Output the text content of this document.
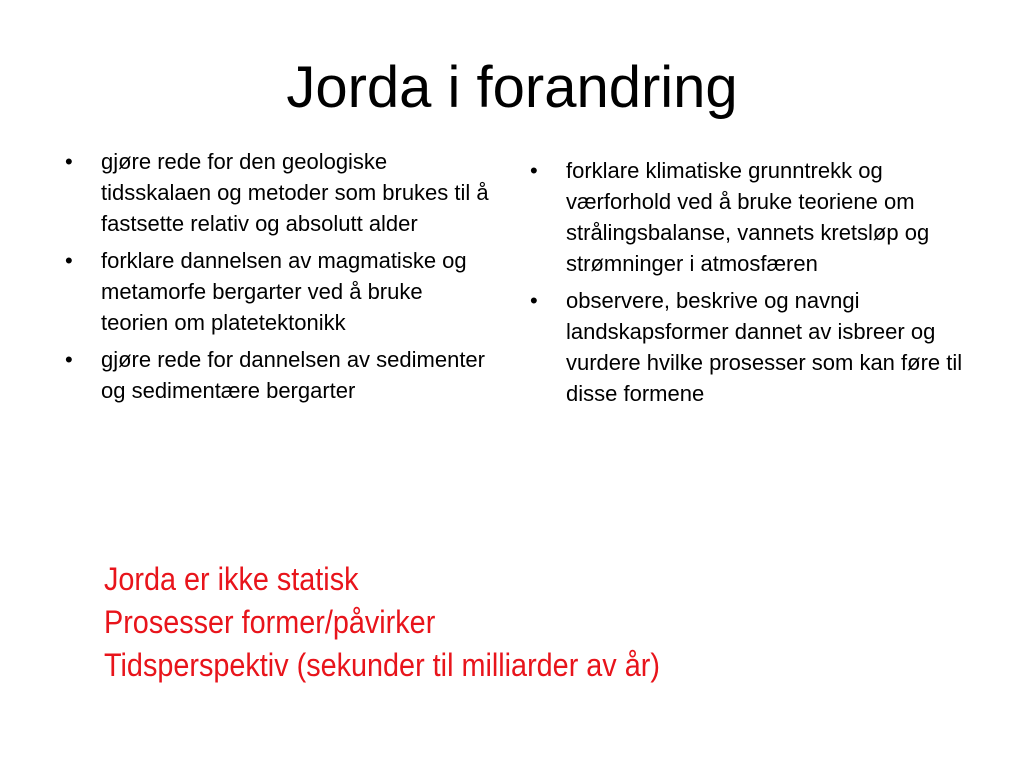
Jorda i forandring
•	gjøre rede for den geologiske tidsskalaen og metoder som brukes til å fastsette relativ og absolutt alder
•	forklare dannelsen av magmatiske og metamorfe bergarter ved å bruke teorien om platetektonikk
•	gjøre rede for dannelsen av sedimenter og sedimentære bergarter
•	forklare klimatiske grunntrekk og værforhold ved å bruke teoriene om strålingsbalanse, vannets kretsløp og strømninger i atmosfæren
•	observere, beskrive og navngi landskapsformer dannet av isbreer og vurdere hvilke prosesser som kan føre til disse formene
Jorda er ikke statisk
Prosesser former/påvirker
Tidsperspektiv (sekunder til milliarder av år)
